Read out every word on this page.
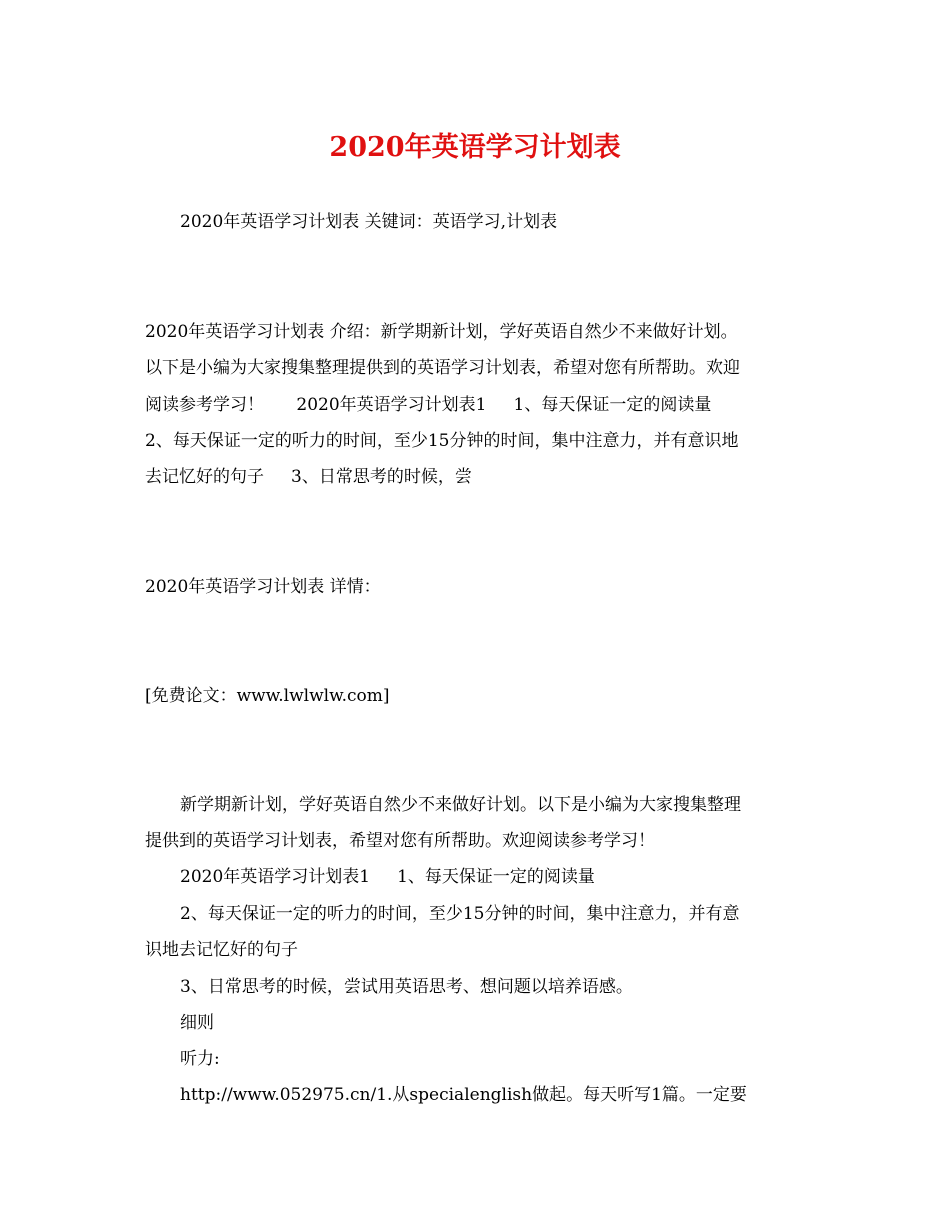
2020年英语学习计划表

2020年英语学习计划表 关键词：英语学习,计划表

2020年英语学习计划表 介绍：新学期新计划，学好英语自然少不来做好计划。

以下是小编为大家搜集整理提供到的英语学习计划表，希望对您有所帮助。欢迎

阅读参考学习！      2020年英语学习计划表1     1、每天保证一定的阅读量

2、每天保证一定的听力的时间，至少15分钟的时间，集中注意力，并有意识地

去记忆好的句子     3、日常思考的时候，尝

2020年英语学习计划表 详情：

[免费论文：www.lwlwlw.com]

新学期新计划，学好英语自然少不来做好计划。以下是小编为大家搜集整理

提供到的英语学习计划表，希望对您有所帮助。欢迎阅读参考学习！

2020年英语学习计划表1     1、每天保证一定的阅读量

2、每天保证一定的听力的时间，至少15分钟的时间，集中注意力，并有意

识地去记忆好的句子

3、日常思考的时候，尝试用英语思考、想问题以培养语感。

细则

听力:

http://www.052975.cn/1.从specialenglish做起。每天听写1篇。一定要
